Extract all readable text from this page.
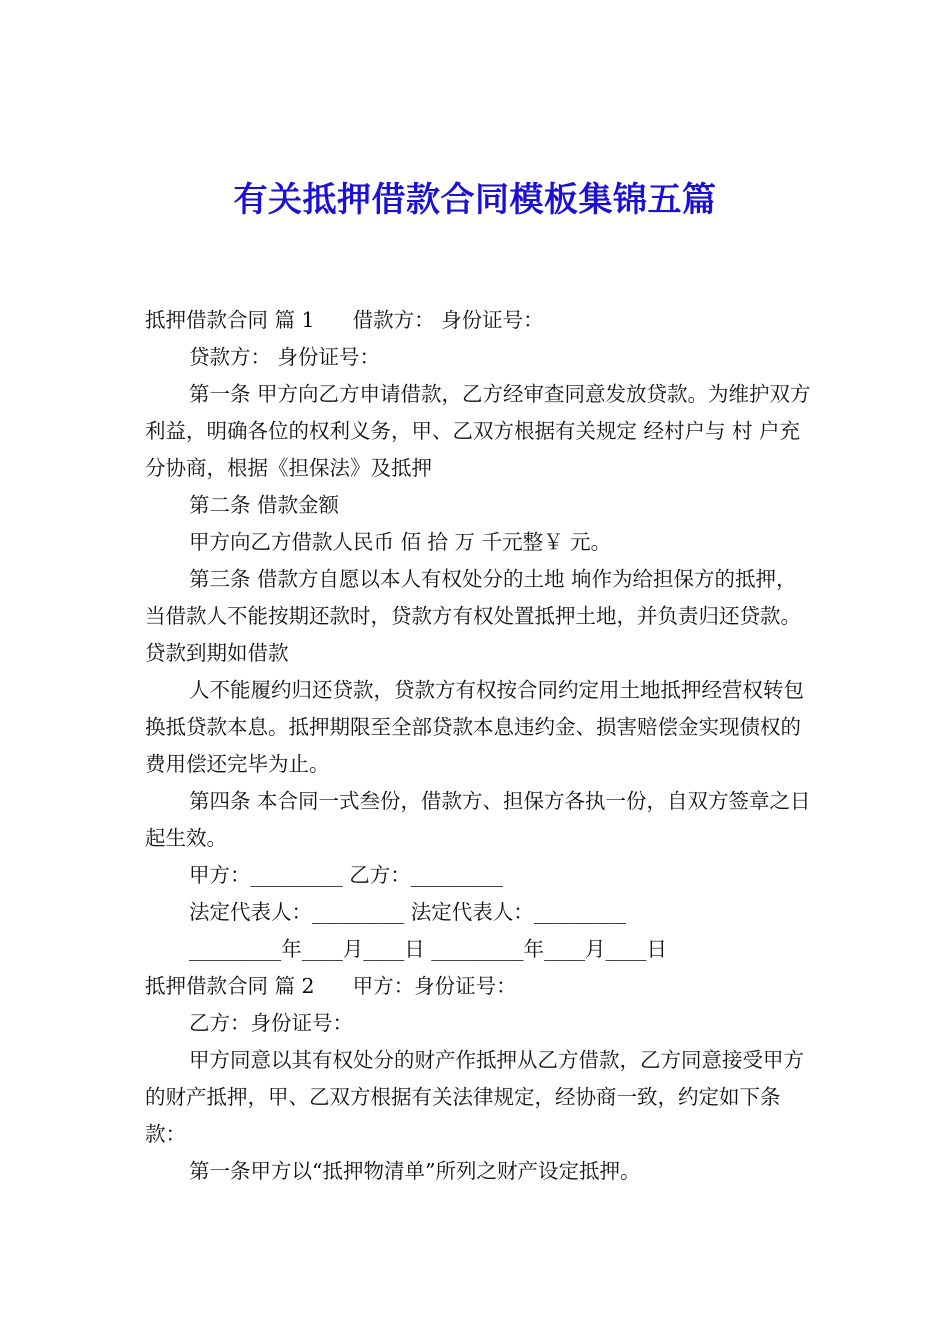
有关抵押借款合同模板集锦五篇

抵押借款合同 篇 1 借款方： 身份证号：

贷款方： 身份证号：

第一条 甲方向乙方申请借款，乙方经审查同意发放贷款。为维护双方利益，明确各位的权利义务，甲、乙双方根据有关规定 经村户与 村 户充分协商，根据《担保法》及抵押

第二条 借款金额

甲方向乙方借款人民币 佰 拾 万 千元整￥ 元。

第三条 借款方自愿以本人有权处分的土地 垧作为给担保方的抵押，当借款人不能按期还款时，贷款方有权处置抵押土地，并负责归还贷款。贷款到期如借款

人不能履约归还贷款，贷款方有权按合同约定用土地抵押经营权转包换抵贷款本息。抵押期限至全部贷款本息违约金、损害赔偿金实现债权的费用偿还完毕为止。

第四条 本合同一式叁份，借款方、担保方各执一份，自双方签章之日起生效。

甲方：_________ 乙方：_________

法定代表人：_________ 法定代表人：_________

_________年____月____日 _________年____月____日

抵押借款合同 篇 2 甲方：身份证号：

乙方：身份证号：

甲方同意以其有权处分的财产作抵押从乙方借款，乙方同意接受甲方的财产抵押，甲、乙双方根据有关法律规定，经协商一致，约定如下条款：

第一条甲方以“抵押物清单”所列之财产设定抵押。
